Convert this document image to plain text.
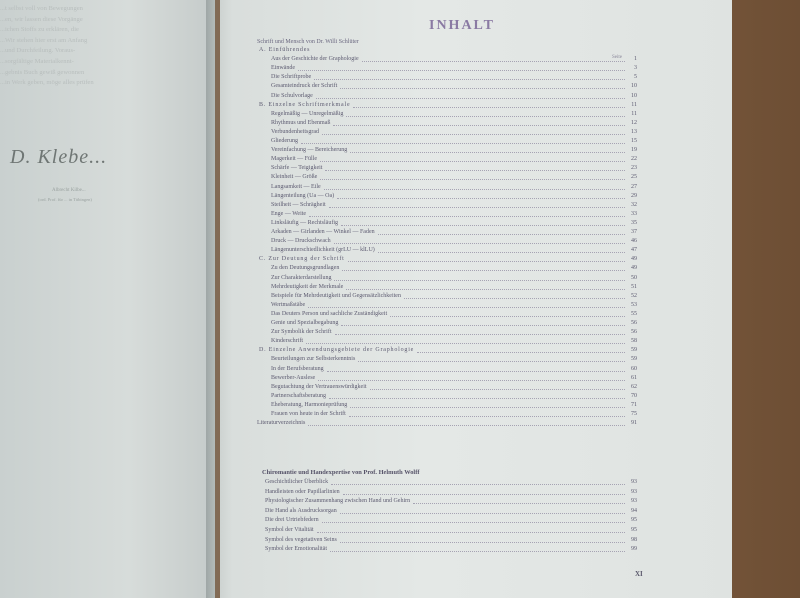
...t selbst voll von Bewegungen
...en, wir lassen diese Vorgänge
...ichen Stoffs zu erklären, die
...Wir stehen hier erst am Anfang
...und Durchfeilung. Voraus-
...sorgfältige Materialkennt-
...gebnis Buch gewiß gewonnen
...in Werk geben, möge alles prüfen
D. Klebe...
Albrecht Kilbe...
(ord. Prof. für ... in Tübingen)
INHALT
Schrift und Mensch von Dr. Willi Schlüter
Seite
A. Einführendes
Aus der Geschichte der Graphologie	1
Einwände	3
Die Schriftprobe	5
Gesamteindruck der Schrift	10
Die Schulvorlage	10
B. Einzelne Schriftmerkmale	11
Regelmäßig — Unregelmäßig	11
Rhythmus und Ebenmaß	12
Verbundenheitsgrad	13
Gliederung	15
Vereinfachung — Bereicherung	19
Magerkeit — Fülle	22
Schärfe — Teigigkeit	23
Kleinheit — Größe	25
Langsamkeit — Eile	27
Längenteilung (Ua — Oa)	29
Steilheit — Schrägheit	32
Enge — Weite	33
Linksläufig — Rechtsläufig	35
Arkaden — Girlanden — Winkel — Faden	37
Druck — Druckschwach	46
Längenunterschiedlichkeit (grLU — klLU)	47
C. Zur Deutung der Schrift	49
Zu den Deutungsgrundlagen	49
Zur Charakterdarstellung	50
Mehrdeutigkeit der Merkmale	51
Beispiele für Mehrdeutigkeit und Gegensätzlichkeiten	52
Wertmaßstäbe	53
Das Deuters Person und sachliche Zuständigkeit	55
Genie und Spezialbegabung	56
Zur Symbolik der Schrift	56
Kinderschrift	58
D. Einzelne Anwendungsgebiete der Graphologie	59
Beurteilungen zur Selbsterkenntnis	59
In der Berufsberatung	60
Bewerber-Auslese	61
Begutachtung der Vertrauenswürdigkeit	62
Partnerschaftsberatung	70
Eheberatung, Harmonieprüfung	71
Frauen von heute in der Schrift	75
Literaturverzeichnis	91
Chiromantie und Handexpertise von Prof. Helmuth Wolff
Geschichtlicher Überblick	93
Handleisten oder Papillarlinien	93
Physiologischer Zusammenhang zwischen Hand und Gehirn	93
Die Hand als Ausdrucksorgan	94
Die drei Urtriebfedern	95
Symbol der Vitalität	95
Symbol des vegetativen Seins	98
Symbol der Emotionalität	99
XI
